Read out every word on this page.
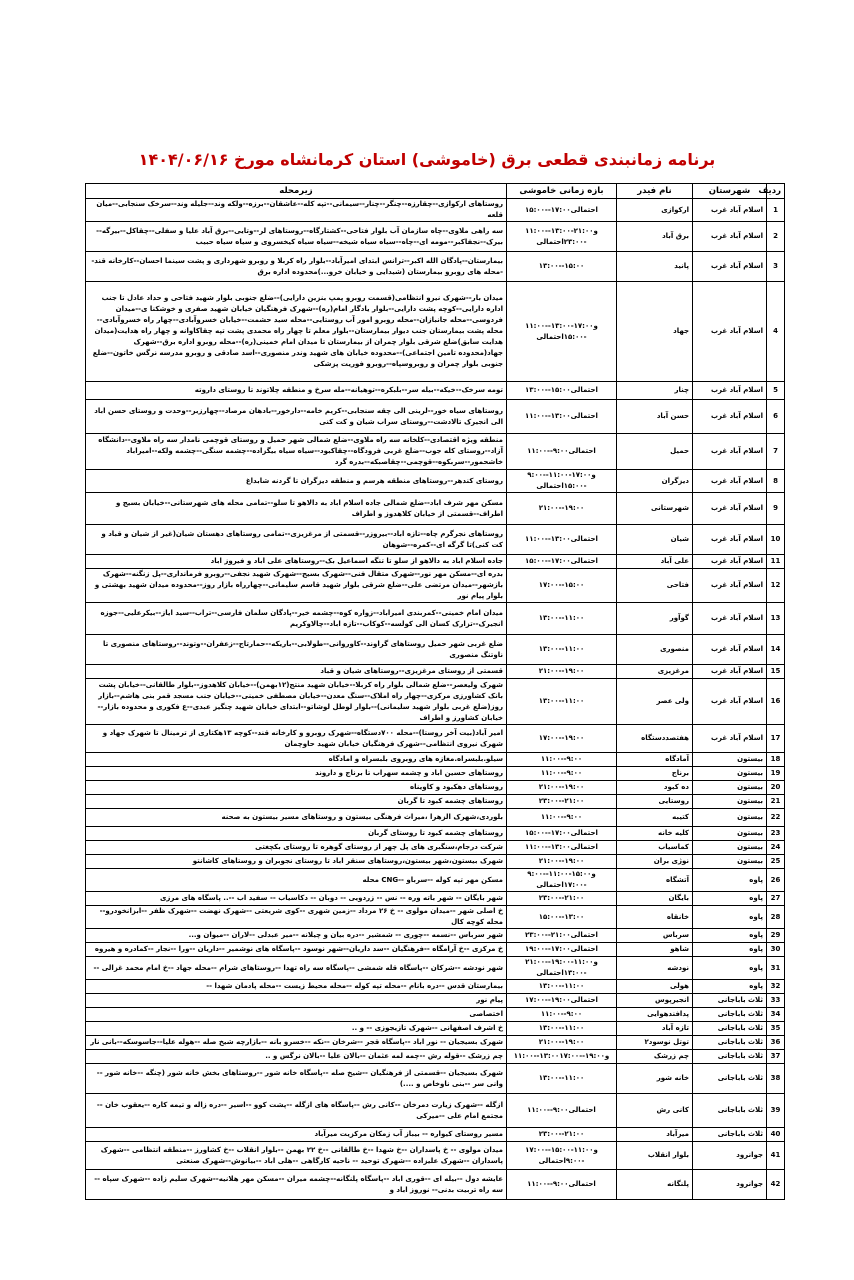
برنامه زمانبندی قطعی برق (خاموشی) استان کرمانشاه مورخ ۱۴۰۴/۰۶/۱۶
ردیف	شهرستان	نام فیدر	بازه زمانی خاموشی	زیرمحله
1	اسلام آباد غرب	ارکوازی	۱۵:۰۰--۱۷:۰۰احتمالی	روستاهای ارکوازی--چقارزه--چنگر--چنار--سیمانی--تپه کله--عاشقان--برزه--ولکه وند--جلیله وند--سرخک سنجابی--میان قلعه
2	اسلام آباد غرب	برق آباد	۱۱:۰۰--۱۳:۰۰و۲۱:۰۰--۲۳:۰۰احتمالی	سه راهی ملاوی--چاه سازمان آب بلوار فتاحی--کشتارگاه--روستاهای لر--وتایی--برق آباد علیا و سفلی--چقاکل--بیرگه--بیرک--نجفاکبر--مومه ای--چاه--سیاه سیاه شیخه--سیاه سیاه کیخسروی و سیاه سیاه حبیب
3	اسلام آباد غرب	پانید	۱۳:۰۰--۱۵:۰۰	بیمارستان--پادگان الله اکبر--ترانس ابتدای امیرآباد--بلوار راه کربلا و روبرو شهرداری و پشت سینما احسان--کارخانه قند--محله های روبرو بیمارستان (شیدایی و خیابان خرو...)محدوده اداره برق
4	اسلام آباد غرب	جهاد	۱۱:۰۰--۱۳:۰۰و۱۷:۰۰--۱۵:۰۰احتمالی	میدان بار--شهرک نیرو انتظامی(قسمت روبرو پمپ بنزین دارایی)--ضلع جنوبی بلوار شهید فتاحی و حداد عادل تا جنب اداره دارایی--کوچه پشت دارایی--بلوار یادگار امام(ره)--شهرک فرهنگیان خیابان شهید صفری و خوشکنا ی--میدان فردوسی--محله جانبازان--محله روبرو امور آب روستایی--محله سید حشمت--خیابان خسروآبادی--چهار راه خسروآبادی--محله پشت بیمارستان جنب دیوار بیمارستان--بلوار معلم تا چهار راه محمدی پشت تپه چقاکاوانه و چهار راه هدایت(میدان هدایت سابق)ضلع شرقی بلوار چمران از بیمارستان تا میدان امام خمینی(ره)--محله روبرو اداره برق--شهرک جهاد(محدوده تامین اجتماعی)--محدوده خیابان های شهید وندر منصوری--اسد صادقی و روبرو مدرسه نرگس خاتون--ضلع جنوبی بلوار چمران و روبروسپاه--روبرو فوریت پزشکی
5	اسلام آباد غرب	چنار	۱۳:۰۰--۱۵:۰۰احتمالی	تومه سرخک--خیکه--بیله سر--بلبکره--توهیانه--مله سرخ و منطقه چلاتوند تا روستای داروته
6	اسلام آباد غرب	حسن آباد	۱۱:۰۰--۱۳:۰۰احتمالی	روستاهای سیاه خور--لرینی الی چقه سنجابی--کریم خامه--دارخور--بادهان مرصاد--چهارزبر--وحدت و روستای حسن اباد الی انجیرک تالادشت--روستای سراب شیان و کت کنی
7	اسلام آباد غرب	حمیل	۱۱:۰۰--۹:۰۰احتمالی	منطقه ویژه اقتصادی--کلخانه سه راه ملاوی--ضلع شمالی شهر حمیل و روستای قوچمی نامدار سه راه ملاوی--دانشگاه آزاد--روستای کله جوب--ضلع غربی فرودگاه--چقاکبود--سیاه سیاه بیگزاده--چشمه سنگی--چشمه ولکه--امیراباد خاشحمور--سربکوه--قوچمی--چقاصبکه--بدره گرد
8	اسلام آباد غرب	دیزگران	۹:۰۰--۱۱:۰۰و۱۷:۰۰--۱۵:۰۰احتمالی	روستای کندهر--روستاهای منطقه هرسم و منطقه دیزگران تا گردنه شابداغ
9	اسلام آباد غرب	شهرستانی	۲۱:۰۰--۱۹:۰۰	مسکن مهر شرف اباد--ضلع شمالی جاده اسلام اباد به دالاهو تا سلو--تمامی محله های شهرستانی--خیابان بسیج و اطراف--قسمتی از خیابان کلاهدوز و اطراف
10	اسلام آباد غرب	شیان	۱۱:۰۰--۱۳:۰۰احتمالی	روستاهای نجرگرم چاه--تازه اباد--بیروزر--قسمتی از مرغزیزی--تمامی روستاهای دهستان شیان(غیر از شیان و قباد و کت کنی)تا گرگه ای--کمره--شوهان
11	اسلام آباد غرب	علی آباد	۱۵:۰۰--۱۷:۰۰احتمالی	جاده اسلام اباد به دالاهو از سلو تا تنگه اسماعیل بک--روستاهای علی اباد و فیروز اباد
12	اسلام آباد غرب	فتاحی	۱۷:۰۰--۱۵:۰۰	بدره ای--مسکن مهر نور--شهرک متقال فنی--شهرک بسیج--شهرک شهید نجفی--روبرو فرمانداری--پل زنگنه--شهرک بازشهر--میدان مرتضی علی--ضلع شرقی بلوار شهید قاسم سلیمانی--چهارراه بازار روز--محدوده میدان شهید بهشتی و بلوار پیام نور
13	اسلام آباد غرب	گوآور	۱۳:۰۰--۱۱:۰۰	میدان امام خمینی--کمربندی امیراباد--زواره کوه--چشمه خیر--پادگان سلمان فارسی--تراب--سید ایاز--بیکرعلیی--جوزه انجیرک--تزارک کسان الی کولسه--کوکاب--تازه اباد--چالاوکریم
14	اسلام آباد غرب	منصوری	۱۳:۰۰--۱۱:۰۰	ضلع غربی شهر حمیل روستاهای گراوند--کاوروانی--طولابی--باریکه--حمارتاج--زعفران--وتوند--روستاهای منصوری تا ناوتنگ منصوری
15	اسلام آباد غرب	مرغزیزی	۲۱:۰۰--۱۹:۰۰	قسمتی از روستای مرغزیزی--روستاهای شیان و قباد
16	اسلام آباد غرب	ولی عصر	۱۳:۰۰--۱۱:۰۰	شهرک ولیعصر--ضلع شمالی بلوار راه کربلا--خیابان شهید منتج(۱۲بهمن)--خیابان کلاهدوز--بلوار طالقانی--خیابان پشت بانک کشاورزی مرکزی--چهار راه املاک--سنگ معدن--خیابان مصطفی خمینی--خیابان جنب مسجد قمر بنی هاشم--بازار روز(ضلع غربی بلوار شهید سلیمانی)--بلوار لوطل لوشاتو--ابتدای خیابان شهید چنگیز عبدی--ع فکوری و محدوده بازار--خیابان کشاورز و اطراف
17	اسلام آباد غرب	هفتصددستگاه	۱۷:۰۰--۱۹:۰۰	امیر آباد(بیت آخر روستا)--محله ۷۰۰دستگاه--شهرک روبرو و کارخانه قند--کوچه ۱۳هکتاری از ترمینال تا شهرک جهاد و شهرک نیروی انتظامی--شهرک فرهنگیان خیابان شهید حاوچمان
18	بیستون	آمادگاه	۱۱:۰۰--۹:۰۰	سیلو.بلبسراه.مغازه های روبروی بلبسراه و امادگاه
19	بیستون	برناج	۱۱:۰۰--۹:۰۰	روستاهای حسین اباد و چشمه سهراب تا برناج و داروند
20	بیستون	ده کبود	۲۱:۰۰--۱۹:۰۰	روستاهای دهکبود و کاویناه
21	بیستون	روستایی	۲۳:۰۰--۲۱:۰۰	روستاهای چشمه کبود تا گربان
22	بیستون	کتیبه	۱۱:۰۰--۹:۰۰	بلوردی،شهرک الزهرا ،میراث فرهنگی بیستون و روستاهای مسیر بیستون به صحنه
23	بیستون	کلیه خانه	۱۵:۰۰--۱۷:۰۰احتمالی	روستاهای چشمه کبود تا روستای گربان
24	بیستون	کماسیاب	۱۱:۰۰--۱۳:۰۰احتمالی	شرکت درجام،سنگبری های پل چهر از روستای گوهره تا روستای بکچغتی
25	بیستون	نوژی بران	۲۱:۰۰--۱۹:۰۰	شهرک بیستون،شهر بیستون،روستاهای سنقر اباد تا روستای نجوبران و روستاهای کاشانتو
26	پاوه	آتشگاه	۹:۰۰--۱۱:۰۰و۱۵:۰۰--۱۷:۰۰احتمالی	مسکن مهر تپه کوله --سرباو --CNG محله
27	پاوه	بایگان	۲۳:۰۰--۲۱:۰۰	شهر بایگان -- شهر باته وره -- نس -- زردویی -- دوبان -- دکاسیاب -- سفید اب --.. پاسگاه های مرزی
28	پاوه	خانقاه	۱۵:۰۰--۱۳:۰۰	خ اصلی شهر --میدان مولوی -- خ ۲۶ مرداد --زمین شهری --کوی شریعتی --شهرک نهضت --شهرک ظفر --ابزانخودرو--محله کوچه کال
29	پاوه	سرباس	۲۳:۰۰--۲۱:۰۰احتمالی	شهر سرباس --نسمه --چوری -- شمشیر --دره بیان و چیلانه --میر عبدلی --لاران --میوان و...
30	پاوه	شاهو	۱۹:۰۰--۱۷:۰۰احتمالی	خ مرکزی --خ آرامگاه --فرهنگیان --سد داریان--شهر نوسود --پاسگاه های نوشمیر --داریان --ورا --نجار --کمادره و هیروه
31	پاوه	نودشه	۲۱:۰۰--۱۹:۰۰و۱۱:۰۰--۱۳:۰۰احتمالی	شهر نودشه --شرکان --پاسگاه قله شمشی --پاسگاه سه راه تهدا --روستاهای شرام --محله جهاد --خ امام محمد غزالی --
32	پاوه	هولی	۱۳:۰۰--۱۱:۰۰	بیمارستان قدس --دره بانام --محله تپه کوله --محله محیط زیست --محله پادمان شهدا --
33	ثلاث باباجانی	انجیرپوس	۱۷:۰۰--۱۹:۰۰احتمالی	پیام نور
34	ثلاث باباجانی	پدافندهوایی	۱۱:۰۰--۹:۰۰	اختصاصی
35	ثلاث باباجانی	تازه آباد	۱۳:۰۰--۱۱:۰۰	خ اشرف اصفهانی --شهرک تازیجوزی -- و ..
36	ثلاث باباجانی	توتل نوسود۲	۲۱:۰۰--۱۹:۰۰	شهرک بسیجیان -- نور اباد --پاسگاه قجر --شرخان --نکه --خسرو بانه --بازارچه شیخ صله --هوله علیا--جاسوسکه--بانی نار
37	ثلاث باباجانی	چم زرشک	۱۱:۰۰--۱۳:۰۰و۱۹:۰۰--۱۷:۰۰	چم زرشک --قوله رش --چمه لمه عثمان --بالان علیا --بالان نرگس و ..
38	ثلاث باباجانی	خانه شور	۱۳:۰۰--۱۱:۰۰	شهرک بسیجیان --قسمتی از فرهنگیان --شیخ صله --پاسگاه خانه شور --روستاهای بخش خانه شور (چنگه --خانه شور --وانی سر --بنی ناوخاص و ....)
39	ثلاث باباجانی	کانی رش	۱۱:۰۰--۹:۰۰احتمالی	ازگله --شهرک زیارت دمرخان --کانی رش --پاسگاه های ازگله --پشت کوو --اسیر --دره زاله و تیمه کاره --یعقوب خان --مجتمع امام علی --میرکی
40	ثلاث باباجانی	میرآباد	۲۳:۰۰--۲۱:۰۰	مسیر روستای کیواره -- بیباز آب زمکان مرکزیت میرآباد
41	جوانرود	بلوار انقلاب	۱۷:۰۰--۱۵:۰۰و۱۱:۰۰--۹:۰۰احتمالی	میدان مولوی -- خ پاسداران --خ شهدا --خ طالقانی --خ ۲۲ بهمن --بلوار انقلاب --خ کشاورز --منطقه انتظامی --شهرک پاسداران --شهرک علیزاده --شهرک توحید -- ناحیه کارگاهی --هلی اباد --بیانوش--شهرک صنعتی
42	جوانرود	پلنگانه	۱۱:۰۰--۹:۰۰احتمالی	عایشه دول --بیله ای --قوری اباد --پاسگاه پلنگانه--چشمه میران --مسکن مهر هلانیه--شهرک سلیم زاده --شهرک سپاه --سه راه تربیت بدنی-- نوروز اباد و
